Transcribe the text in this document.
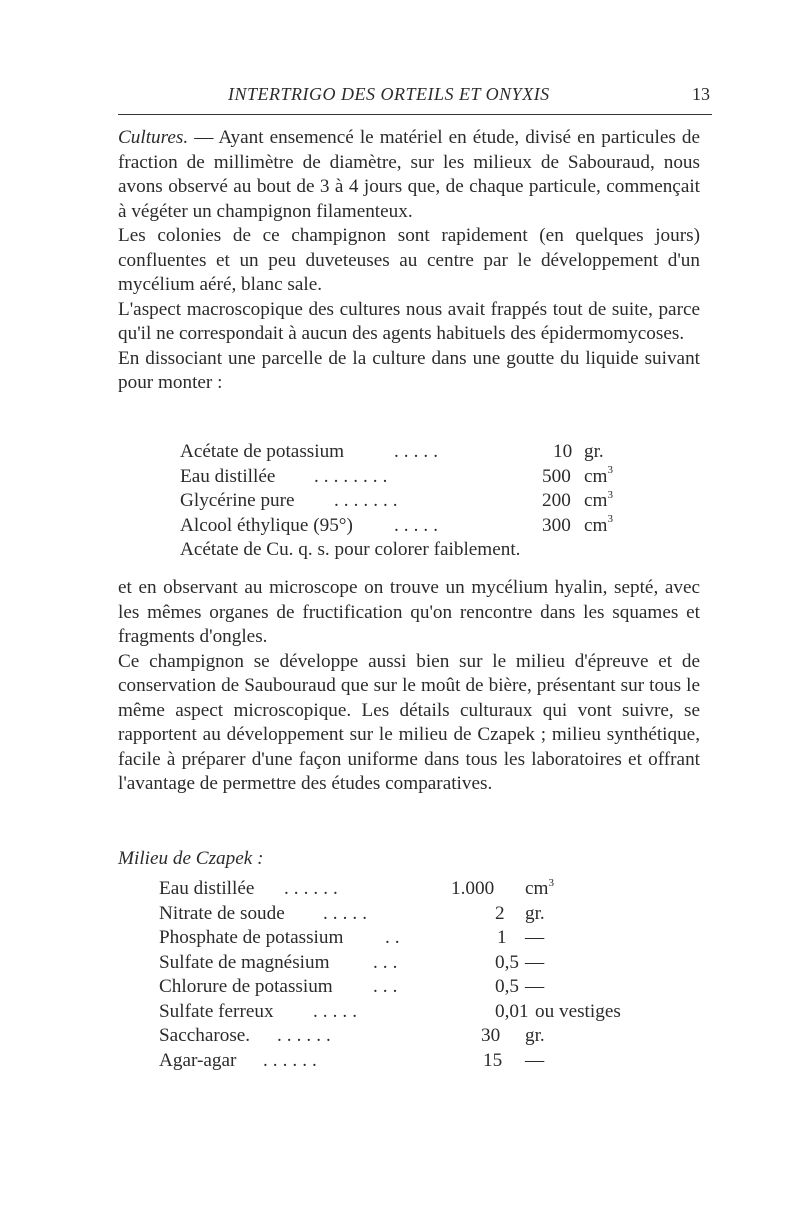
INTERTRIGO DES ORTEILS ET ONYXIS	13

Cultures. — Ayant ensemencé le matériel en étude, divisé en particules de fraction de millimètre de diamètre, sur les milieux de Sabouraud, nous avons observé au bout de 3 à 4 jours que, de chaque particule, commençait à végéter un champignon filamenteux.

Les colonies de ce champignon sont rapidement (en quelques jours) confluentes et un peu duveteuses au centre par le développement d'un mycélium aéré, blanc sale.

L'aspect macroscopique des cultures nous avait frappés tout de suite, parce qu'il ne correspondait à aucun des agents habituels des épidermomycoses.

En dissociant une parcelle de la culture dans une goutte du liquide suivant pour monter :

Acétate de potassium	.....	10 gr.
Eau distillée ........	500 $cm^3$
Glycérine pure .......	200 $cm^3$
Alcool éthylique (95°) .....	300 $cm^3$
Acétate de Cu. q. s. pour colorer faiblement.

et en observant au microscope on trouve un mycélium hyalin, septé, avec les mêmes organes de fructification qu'on rencontre dans les squames et fragments d'ongles.

Ce champignon se développe aussi bien sur le milieu d'épreuve et de conservation de Saubouraud que sur le moût de bière, présentant sur tous le même aspect microscopique. Les détails culturaux qui vont suivre, se rapportent au développement sur le milieu de Czapek ; milieu synthétique, facile à préparer d'une façon uniforme dans tous les laboratoires et offrant l'avantage de permettre des études comparatives.

Milieu de Czapek :
Eau distillée ......	1.000 $cm^3$
Nitrate de soude .....	2 gr.
Phosphate de potassium ..	1 —
Sulfate de magnésium ...	0,5 —
Chlorure de potassium ...	0,5 —
Sulfate ferreux .....	0,01 ou vestiges
Saccharose. ......	30 gr.
Agar-agar ......	15 —
